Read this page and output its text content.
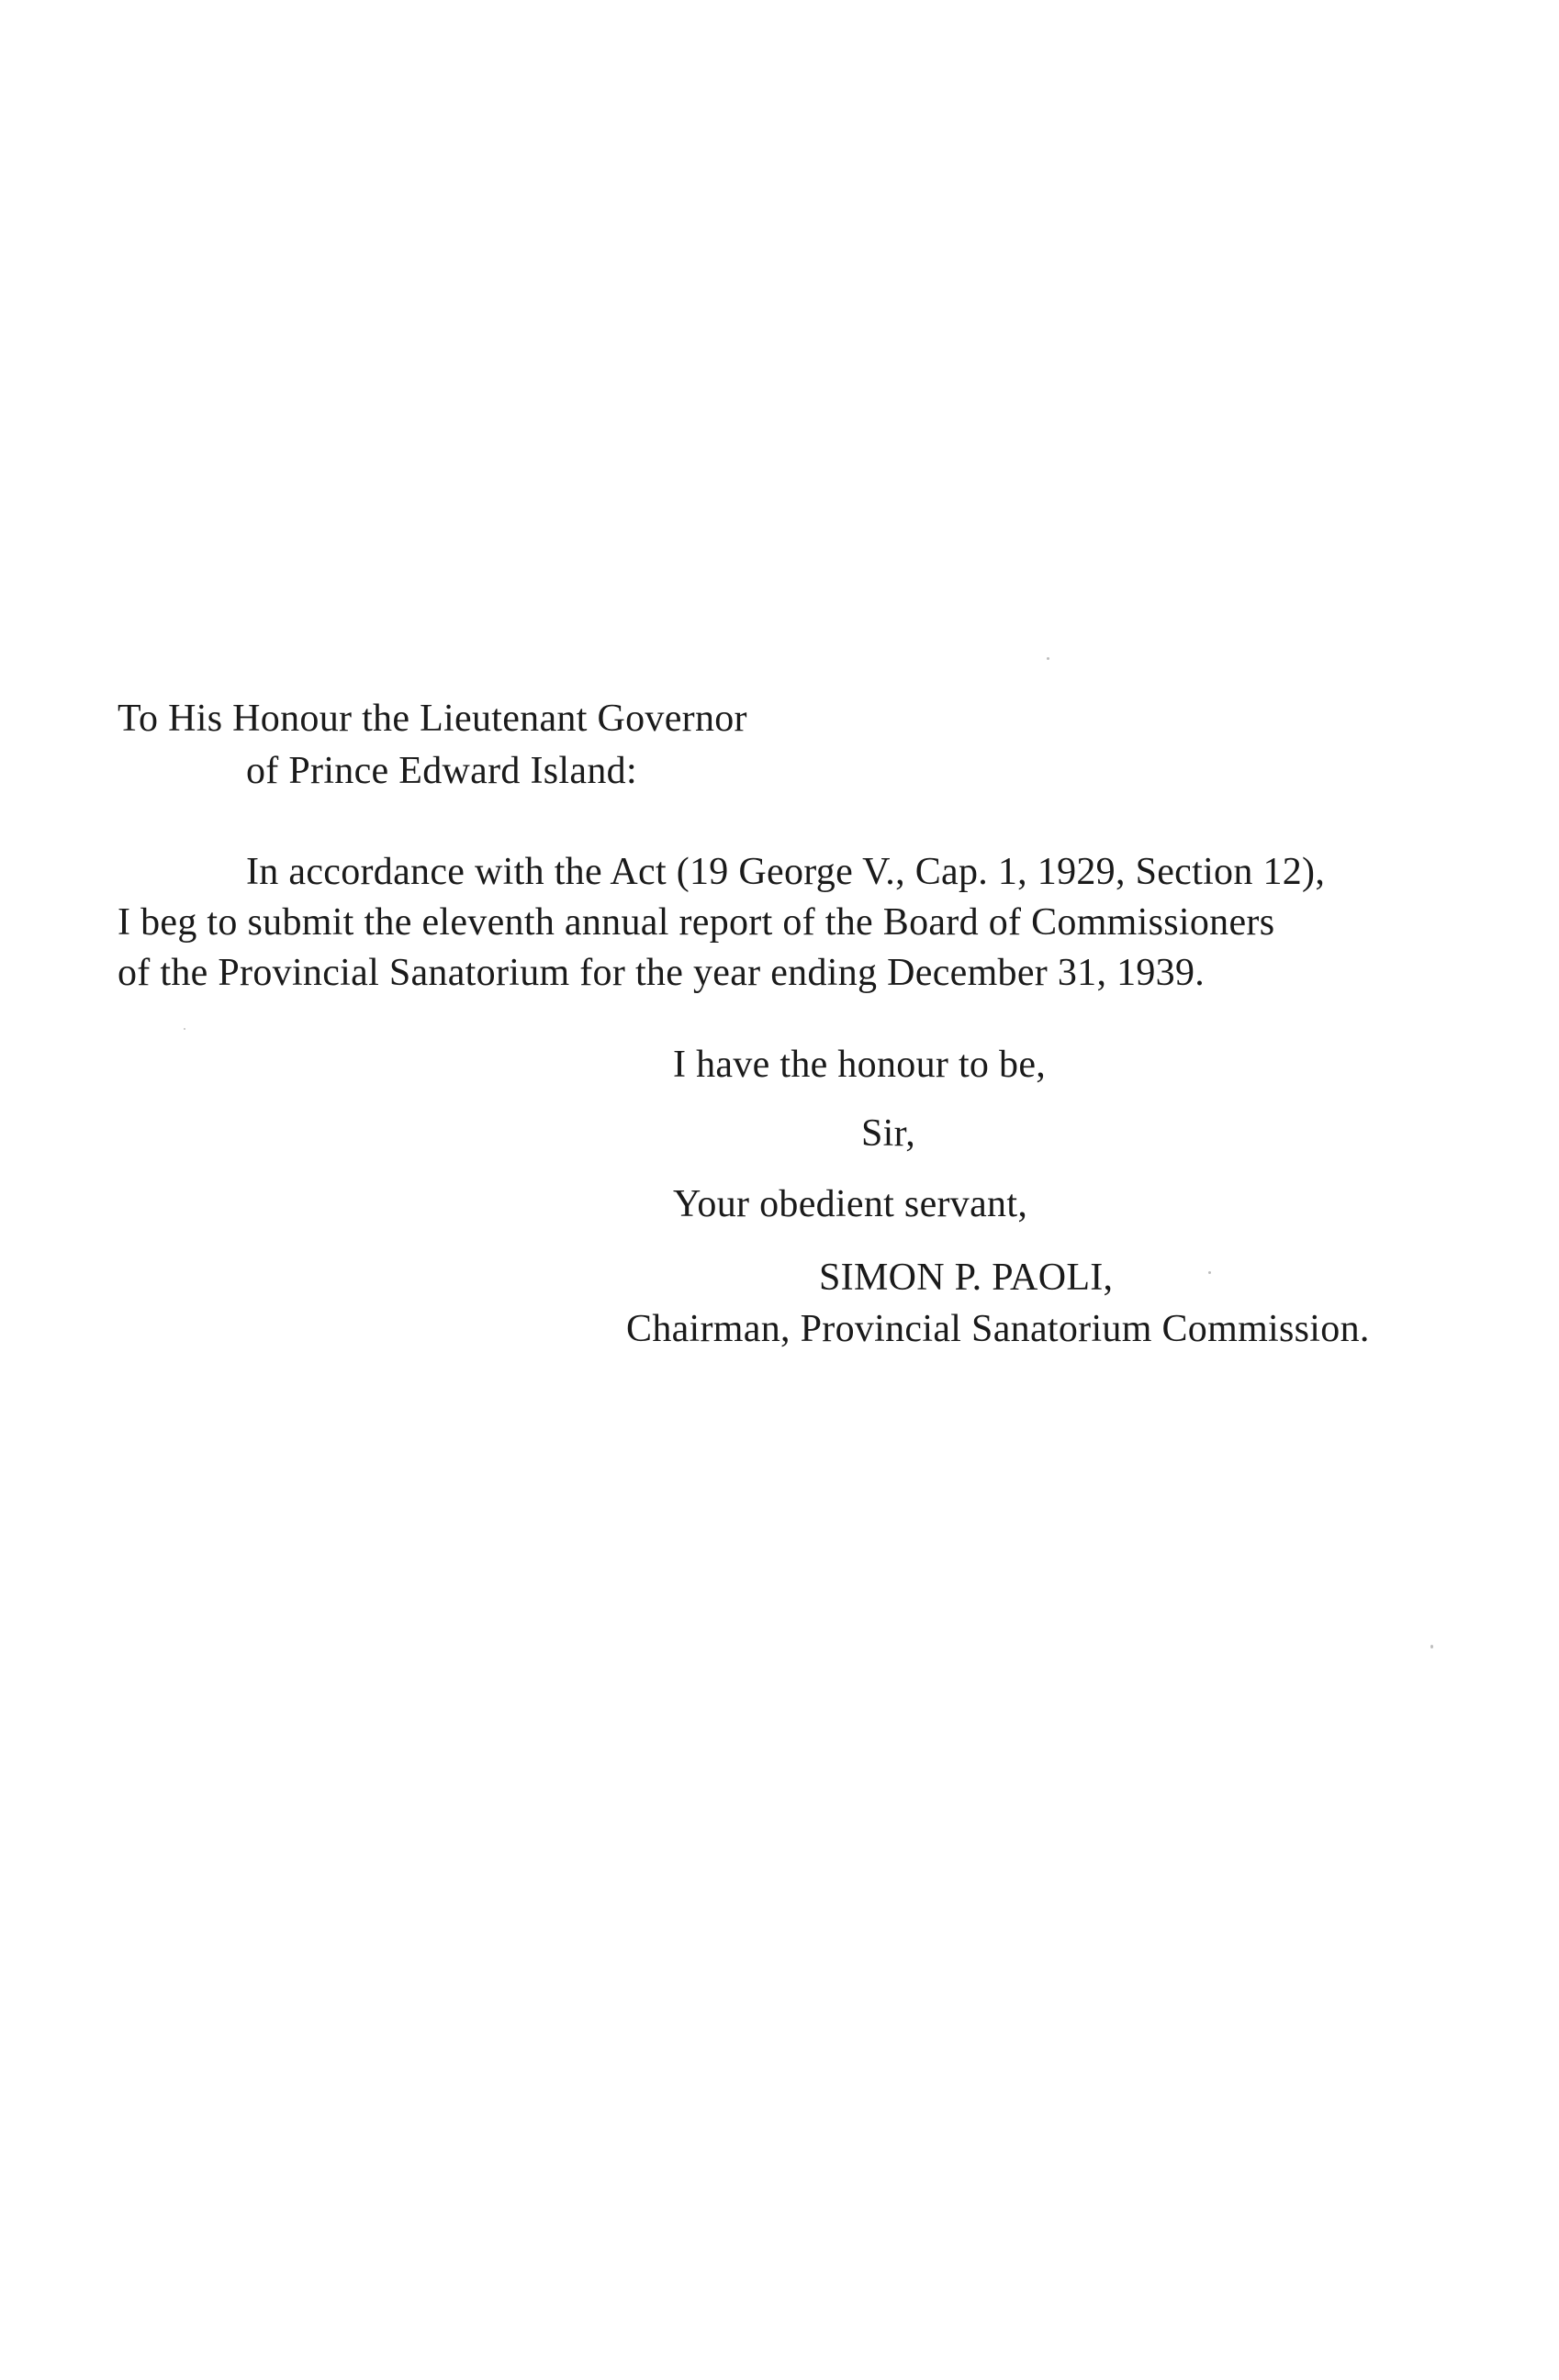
To His Honour the Lieutenant Governor
of Prince Edward Island:
In accordance with the Act (19 George V., Cap. 1, 1929, Section 12),
I beg to submit the eleventh annual report of the Board of Commissioners
of the Provincial Sanatorium for the year ending December 31, 1939.
I have the honour to be,
Sir,
Your obedient servant,
SIMON P. PAOLI,
Chairman, Provincial Sanatorium Commission.
